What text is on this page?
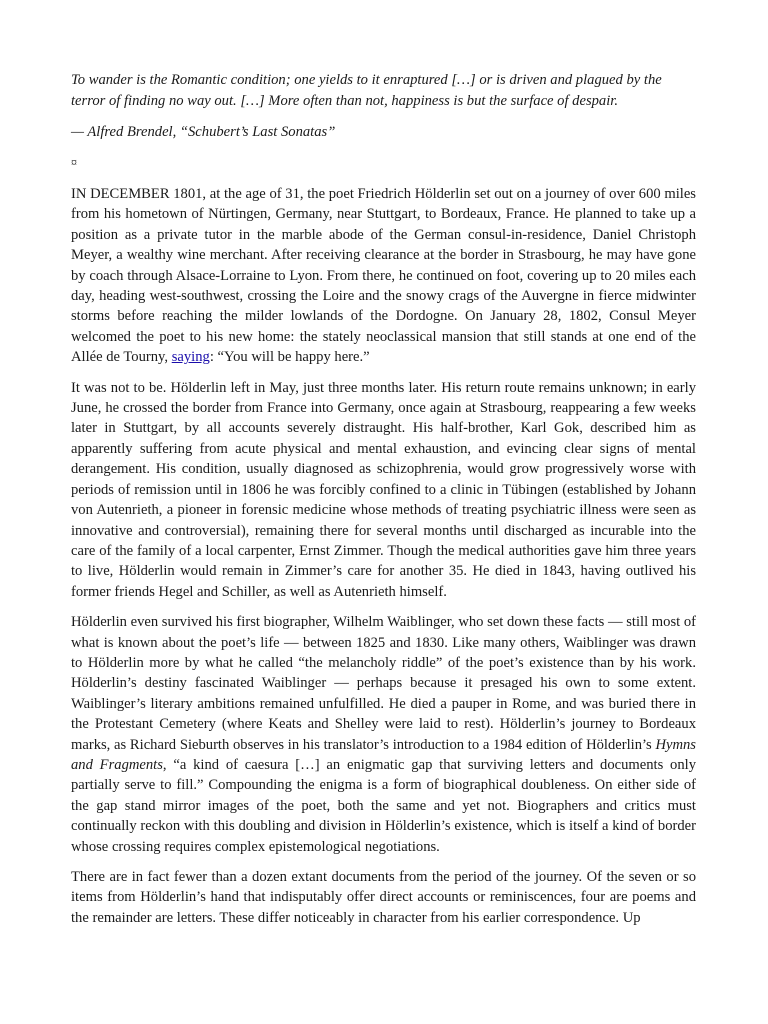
To wander is the Romantic condition; one yields to it enraptured […] or is driven and plagued by the terror of finding no way out. […] More often than not, happiness is but the surface of despair.

— Alfred Brendel, “Schubert’s Last Sonatas”

¤

IN DECEMBER 1801, at the age of 31, the poet Friedrich Hölderlin set out on a journey of over 600 miles from his hometown of Nürtingen, Germany, near Stuttgart, to Bordeaux, France. He planned to take up a position as a private tutor in the marble abode of the German consul-in-residence, Daniel Christoph Meyer, a wealthy wine merchant. After receiving clearance at the border in Strasbourg, he may have gone by coach through Alsace-Lorraine to Lyon. From there, he continued on foot, covering up to 20 miles each day, heading west-southwest, crossing the Loire and the snowy crags of the Auvergne in fierce midwinter storms before reaching the milder lowlands of the Dordogne. On January 28, 1802, Consul Meyer welcomed the poet to his new home: the stately neoclassical mansion that still stands at one end of the Allée de Tourny, saying: “You will be happy here.”

It was not to be. Hölderlin left in May, just three months later. His return route remains unknown; in early June, he crossed the border from France into Germany, once again at Strasbourg, reappearing a few weeks later in Stuttgart, by all accounts severely distraught. His half-brother, Karl Gok, described him as apparently suffering from acute physical and mental exhaustion, and evincing clear signs of mental derangement. His condition, usually diagnosed as schizophrenia, would grow progressively worse with periods of remission until in 1806 he was forcibly confined to a clinic in Tübingen (established by Johann von Autenrieth, a pioneer in forensic medicine whose methods of treating psychiatric illness were seen as innovative and controversial), remaining there for several months until discharged as incurable into the care of the family of a local carpenter, Ernst Zimmer. Though the medical authorities gave him three years to live, Hölderlin would remain in Zimmer’s care for another 35. He died in 1843, having outlived his former friends Hegel and Schiller, as well as Autenrieth himself.

Hölderlin even survived his first biographer, Wilhelm Waiblinger, who set down these facts — still most of what is known about the poet’s life — between 1825 and 1830. Like many others, Waiblinger was drawn to Hölderlin more by what he called “the melancholy riddle” of the poet’s existence than by his work. Hölderlin’s destiny fascinated Waiblinger — perhaps because it presaged his own to some extent. Waiblinger’s literary ambitions remained unfulfilled. He died a pauper in Rome, and was buried there in the Protestant Cemetery (where Keats and Shelley were laid to rest). Hölderlin’s journey to Bordeaux marks, as Richard Sieburth observes in his translator’s introduction to a 1984 edition of Hölderlin’s Hymns and Fragments, “a kind of caesura […] an enigmatic gap that surviving letters and documents only partially serve to fill.” Compounding the enigma is a form of biographical doubleness. On either side of the gap stand mirror images of the poet, both the same and yet not. Biographers and critics must continually reckon with this doubling and division in Hölderlin’s existence, which is itself a kind of border whose crossing requires complex epistemological negotiations.

There are in fact fewer than a dozen extant documents from the period of the journey. Of the seven or so items from Hölderlin’s hand that indisputably offer direct accounts or reminiscences, four are poems and the remainder are letters. These differ noticeably in character from his earlier correspondence. Up
